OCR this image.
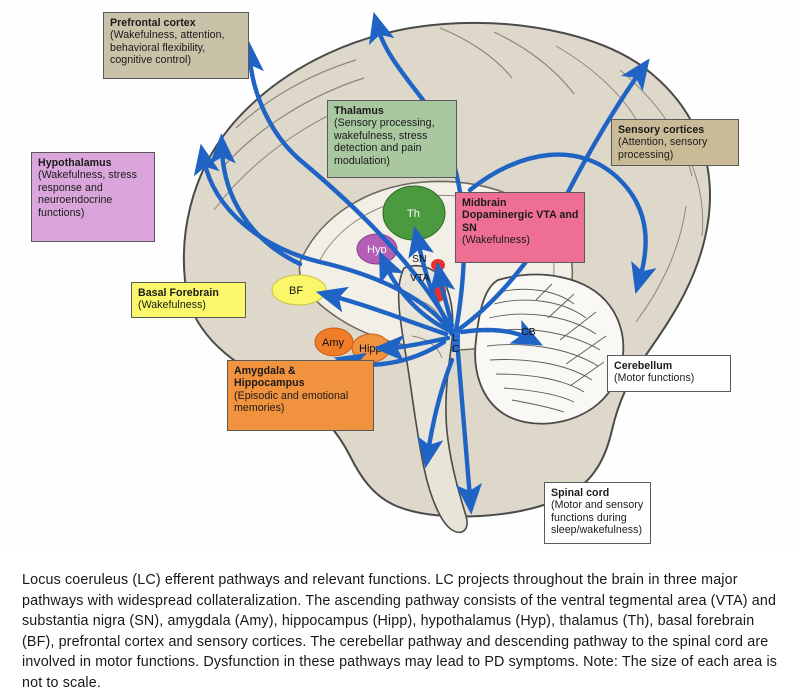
Th
Hyp
BF
Amy Hipp
SN
VTA
CB
L
C
Prefrontal cortex
(Wakefulness, attention, behavioral flexibility, cognitive control)
Thalamus
(Sensory processing, wakefulness, stress detection and pain modulation)
Sensory cortices
(Attention, sensory processing)
Hypothalamus
(Wakefulness, stress response and neuroendocrine functions)
Midbrain Dopaminergic VTA and SN
(Wakefulness)
Basal Forebrain
(Wakefulness)
Amygdala & Hippocampus
(Episodic and emotional memories)
Cerebellum
(Motor functions)
Spinal cord
(Motor and sensory functions during sleep/wakefulness)
Locus coeruleus (LC) efferent pathways and relevant functions. LC projects throughout the brain in three major pathways with widespread collateralization. The ascending pathway consists of the ventral tegmental area (VTA) and substantia nigra (SN), amygdala (Amy), hippocampus (Hipp), hypothalamus (Hyp), thalamus (Th), basal forebrain (BF), prefrontal cortex and sensory cortices. The cerebellar pathway and descending pathway to the spinal cord are involved in motor functions. Dysfunction in these pathways may lead to PD symptoms. Note: The size of each area is not to scale.
